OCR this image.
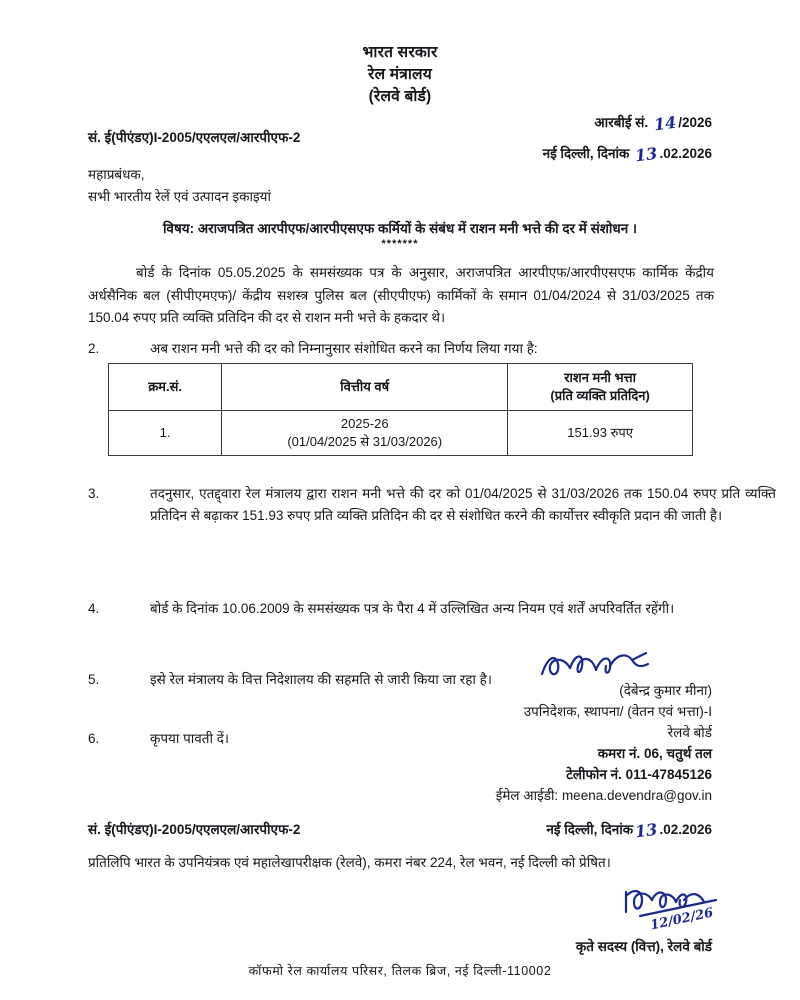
भारत सरकार
रेल मंत्रालय
(रेलवे बोर्ड)
सं. ई(पीएंडए)I-2005/एएलएल/आरपीएफ-2
आरबीई सं. 14/2026
नई दिल्ली, दिनांक 13.02.2026
महाप्रबंधक,
सभी भारतीय रेलें एवं उत्पादन इकाइयां
विषय: अराजपत्रित आरपीएफ/आरपीएसएफ कर्मियों के संबंध में राशन मनी भत्ते की दर में संशोधन ।
*******
बोर्ड के दिनांक 05.05.2025 के समसंख्यक पत्र के अनुसार, अराजपत्रित आरपीएफ/आरपीएसएफ कार्मिक केंद्रीय अर्धसैनिक बल (सीपीएमएफ)/ केंद्रीय सशस्त्र पुलिस बल (सीएपीएफ) कार्मिकों के समान 01/04/2024 से 31/03/2025 तक 150.04 रुपए प्रति व्यक्ति प्रतिदिन की दर से राशन मनी भत्ते के हकदार थे।
2.	अब राशन मनी भत्ते की दर को निम्नानुसार संशोधित करने का निर्णय लिया गया है:
क्रम.सं.	वित्तीय वर्ष	राशन मनी भत्ता
(प्रति व्यक्ति प्रतिदिन)

1.	2025-26
(01/04/2025 से 31/03/2026)	151.93 रुपए
3.	तदनुसार, एतद्द्वारा रेल मंत्रालय द्वारा राशन मनी भत्ते की दर को 01/04/2025 से 31/03/2026 तक 150.04 रुपए प्रति व्यक्ति प्रतिदिन से बढ़ाकर 151.93 रुपए प्रति व्यक्ति प्रतिदिन की दर से संशोधित करने की कार्योत्तर स्वीकृति प्रदान की जाती है।
4.	बोर्ड के दिनांक 10.06.2009 के समसंख्यक पत्र के पैरा 4 में उल्लिखित अन्य नियम एवं शर्तें अपरिवर्तित रहेंगी।
5.	इसे रेल मंत्रालय के वित्त निदेशालय की सहमति से जारी किया जा रहा है।
6.	कृपया पावती दें।
(देबेन्द्र कुमार मीना)
उपनिदेशक, स्थापना/ (वेतन एवं भत्ता)-I
रेलवे बोर्ड
कमरा नं. 06, चतुर्थ तल
टेलीफोन नं. 011-47845126
ईमेल आईडी: meena.devendra@gov.in
सं. ई(पीएंडए)I-2005/एएलएल/आरपीएफ-2	नई दिल्ली, दिनांक13.02.2026
प्रतिलिपि भारत के उपनियंत्रक एवं महालेखापरीक्षक (रेलवे), कमरा नंबर 224, रेल भवन, नई दिल्ली को प्रेषित।
12/02/26
कृते सदस्य (वित्त), रेलवे बोर्ड
कॉफमो रेल कार्यालय परिसर, तिलक ब्रिज, नई दिल्ली-110002
